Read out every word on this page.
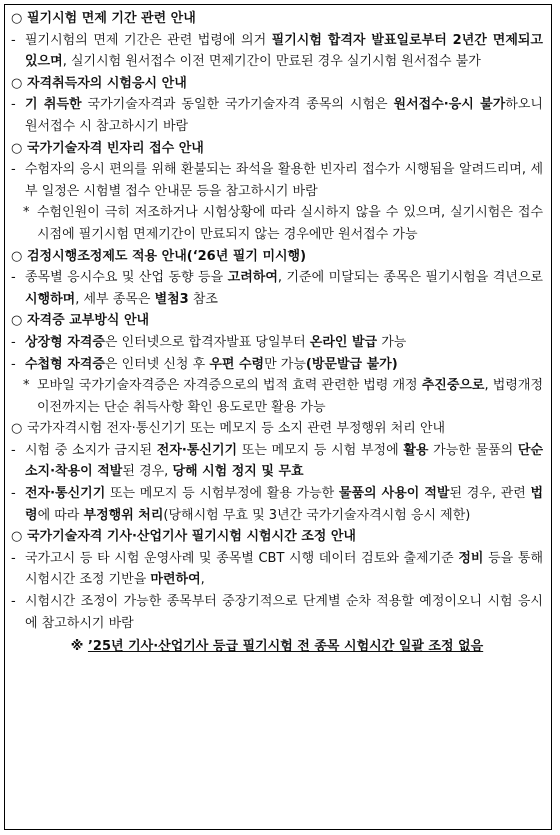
○ 필기시험 면제 기간 관련 안내
- 필기시험의 면제 기간은 관련 법령에 의거 필기시험 합격자 발표일로부터 2년간 면제되고 있으며, 실기시험 원서접수 이전 면제기간이 만료된 경우 실기시험 원서접수 불가
○ 자격취득자의 시험응시 안내
- 기 취득한 국가기술자격과 동일한 국가기술자격 종목의 시험은 원서접수·응시 불가하오니 원서접수 시 참고하시기 바람
○ 국가기술자격 빈자리 접수 안내
- 수험자의 응시 편의를 위해 환불되는 좌석을 활용한 빈자리 접수가 시행됨을 알려드리며, 세부 일정은 시험별 접수 안내문 등을 참고하시기 바람
* 수험인원이 극히 저조하거나 시험상황에 따라 실시하지 않을 수 있으며, 실기시험은 접수 시점에 필기시험 면제기간이 만료되지 않는 경우에만 원서접수 가능
○ 검정시행조정제도 적용 안내(‘26년 필기 미시행)
- 종목별 응시수요 및 산업 동향 등을 고려하여, 기준에 미달되는 종목은 필기시험을 격년으로 시행하며, 세부 종목은 별첨3 참조
○ 자격증 교부방식 안내
- 상장형 자격증은 인터넷으로 합격자발표 당일부터 온라인 발급 가능
- 수첩형 자격증은 인터넷 신청 후 우편 수령만 가능(방문발급 불가)
* 모바일 국가기술자격증은 자격증으로의 법적 효력 관련한 법령 개정 추진중으로, 법령개정 이전까지는 단순 취득사항 확인 용도로만 활용 가능
○ 국가자격시험 전자·통신기기 또는 메모지 등 소지 관련 부정행위 처리 안내
- 시험 중 소지가 금지된 전자·통신기기 또는 메모지 등 시험 부정에 활용 가능한 물품의 단순 소지·착용이 적발된 경우, 당해 시험 정지 및 무효
- 전자·통신기기 또는 메모지 등 시험부정에 활용 가능한 물품의 사용이 적발된 경우, 관련 법령에 따라 부정행위 처리(당해시험 무효 및 3년간 국가기술자격시험 응시 제한)
○ 국가기술자격 기사·산업기사 필기시험 시험시간 조정 안내
- 국가고시 등 타 시험 운영사례 및 종목별 CBT 시행 데이터 검토와 출제기준 정비 등을 통해 시험시간 조정 기반을 마련하여,
- 시험시간 조정이 가능한 종목부터 중장기적으로 단계별 순차 적용할 예정이오니 시험 응시에 참고하시기 바람
※ ’25년 기사·산업기사 등급 필기시험 전 종목 시험시간 일괄 조정 없음
